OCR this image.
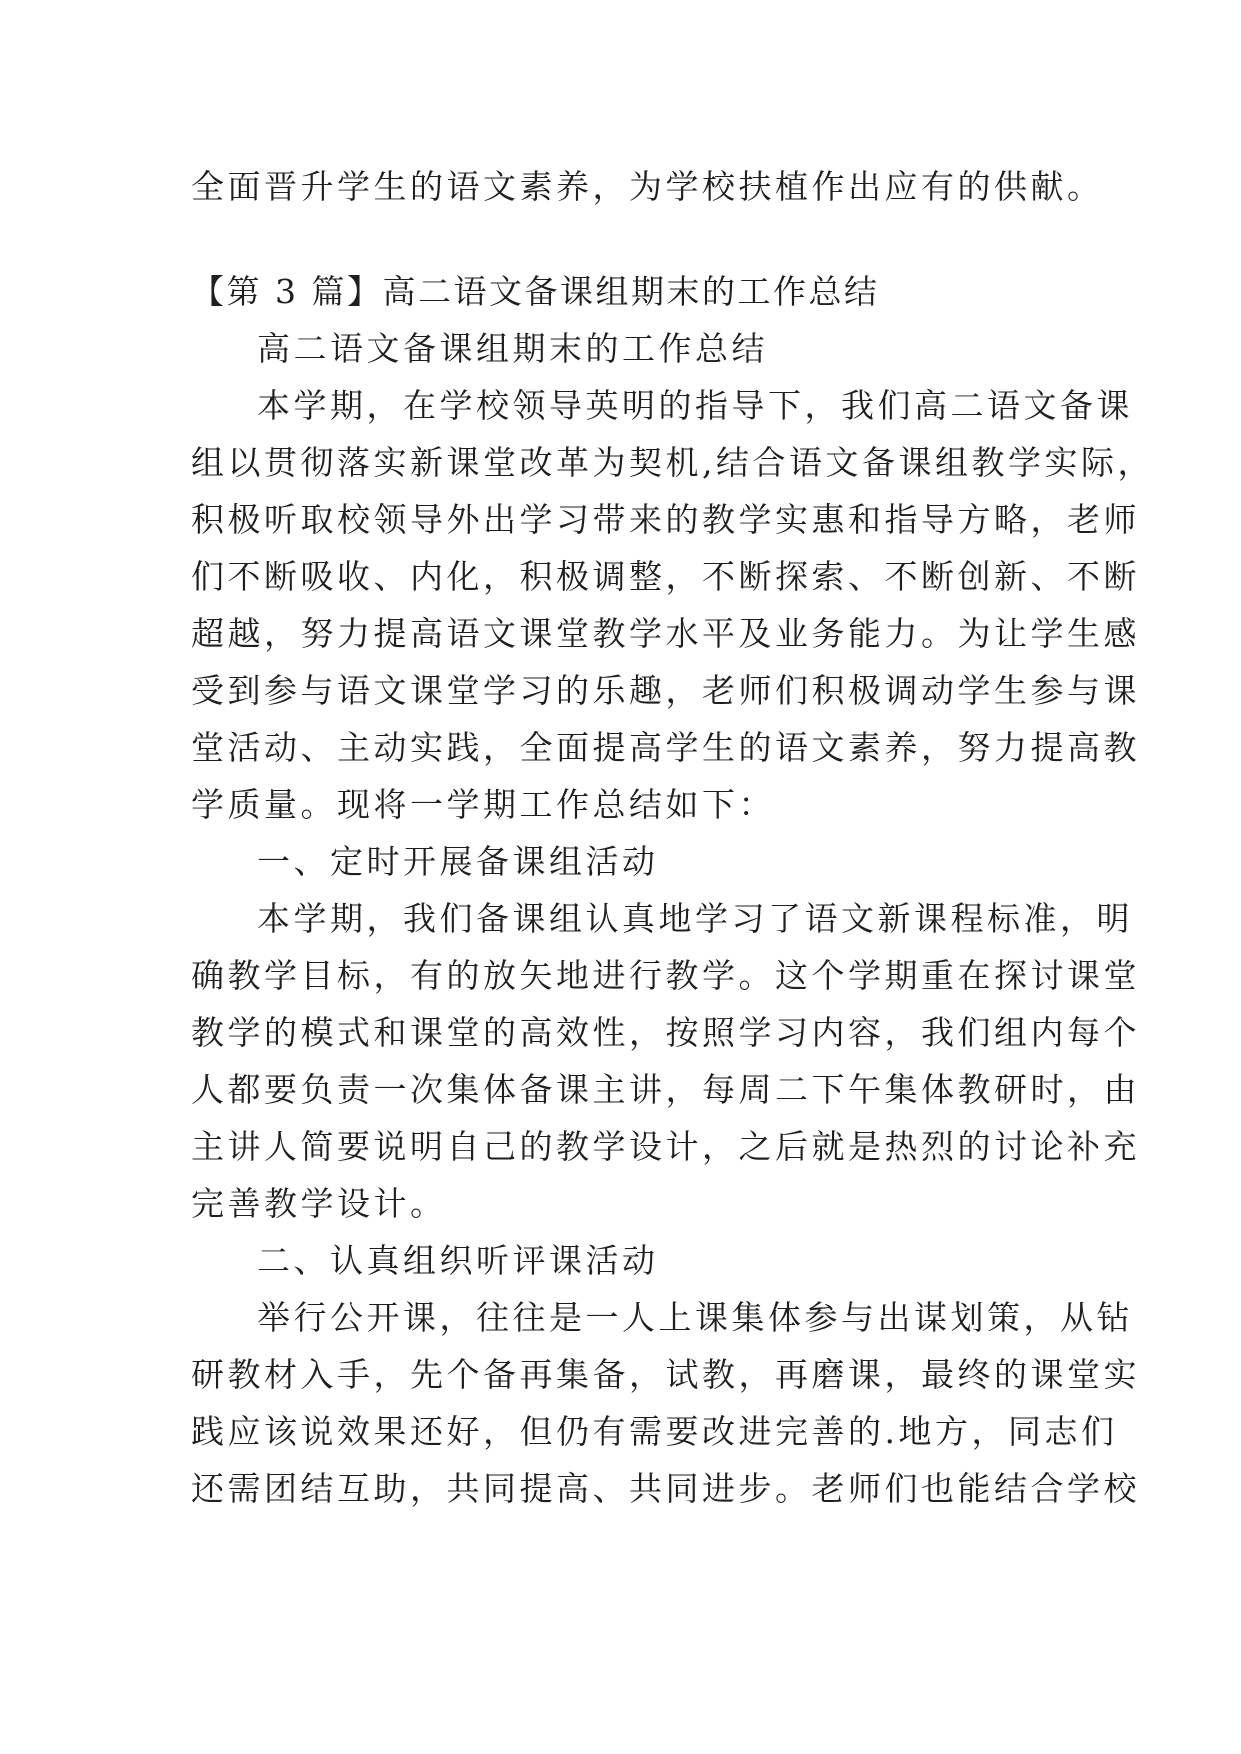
全面晋升学生的语文素养，为学校扶植作出应有的供献。

【第 3 篇】高二语文备课组期末的工作总结

高二语文备课组期末的工作总结

本学期，在学校领导英明的指导下，我们高二语文备课

组以贯彻落实新课堂改革为契机,结合语文备课组教学实际，

积极听取校领导外出学习带来的教学实惠和指导方略，老师

们不断吸收、内化，积极调整，不断探索、不断创新、不断

超越，努力提高语文课堂教学水平及业务能力。为让学生感

受到参与语文课堂学习的乐趣，老师们积极调动学生参与课

堂活动、主动实践，全面提高学生的语文素养，努力提高教

学质量。现将一学期工作总结如下：

一、定时开展备课组活动

本学期，我们备课组认真地学习了语文新课程标准，明

确教学目标，有的放矢地进行教学。这个学期重在探讨课堂

教学的模式和课堂的高效性，按照学习内容，我们组内每个

人都要负责一次集体备课主讲，每周二下午集体教研时，由

主讲人简要说明自己的教学设计，之后就是热烈的讨论补充

完善教学设计。

二、认真组织听评课活动

举行公开课，往往是一人上课集体参与出谋划策，从钻

研教材入手，先个备再集备，试教，再磨课，最终的课堂实

践应该说效果还好，但仍有需要改进完善的.地方，同志们

还需团结互助，共同提高、共同进步。老师们也能结合学校
